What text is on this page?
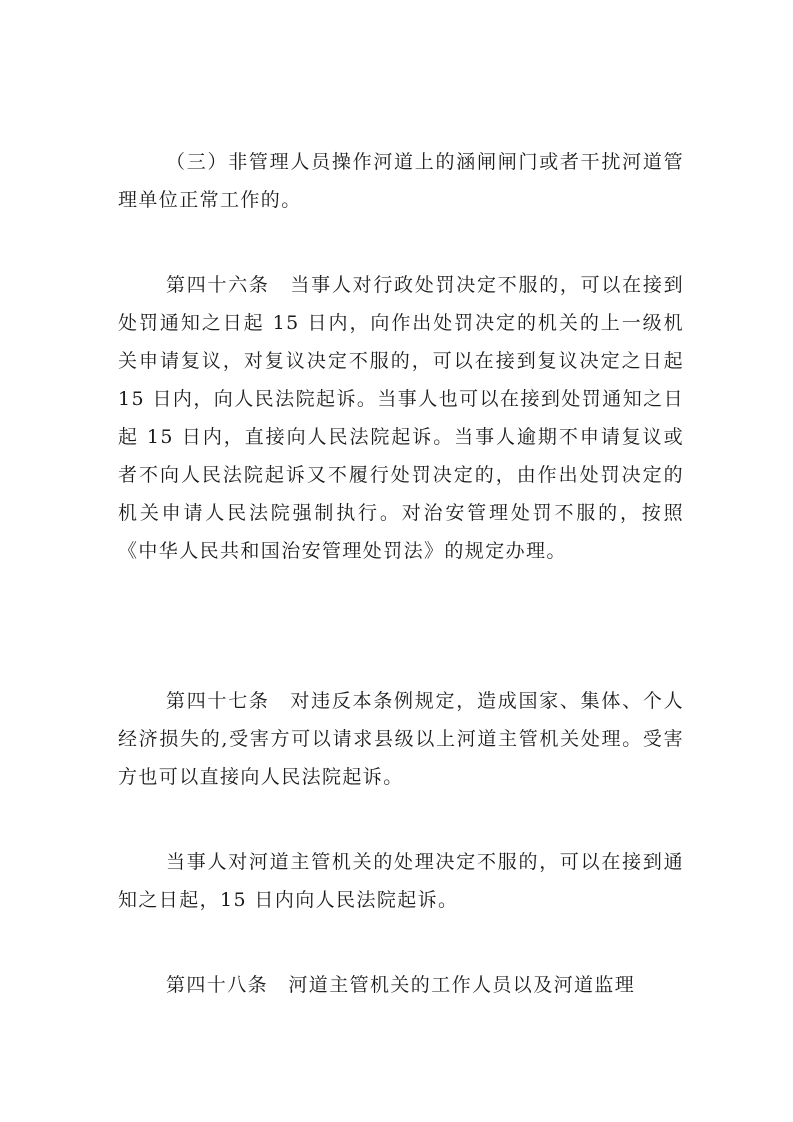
（三）非管理人员操作河道上的涵闸闸门或者干扰河道管理单位正常工作的。

第四十六条　当事人对行政处罚决定不服的，可以在接到处罚通知之日起 15 日内，向作出处罚决定的机关的上一级机关申请复议，对复议决定不服的，可以在接到复议决定之日起 15 日内，向人民法院起诉。当事人也可以在接到处罚通知之日起 15 日内，直接向人民法院起诉。当事人逾期不申请复议或者不向人民法院起诉又不履行处罚决定的，由作出处罚决定的机关申请人民法院强制执行。对治安管理处罚不服的，按照《中华人民共和国治安管理处罚法》的规定办理。

第四十七条　对违反本条例规定，造成国家、集体、个人经济损失的,受害方可以请求县级以上河道主管机关处理。受害方也可以直接向人民法院起诉。

当事人对河道主管机关的处理决定不服的，可以在接到通知之日起，15 日内向人民法院起诉。

第四十八条　河道主管机关的工作人员以及河道监理
